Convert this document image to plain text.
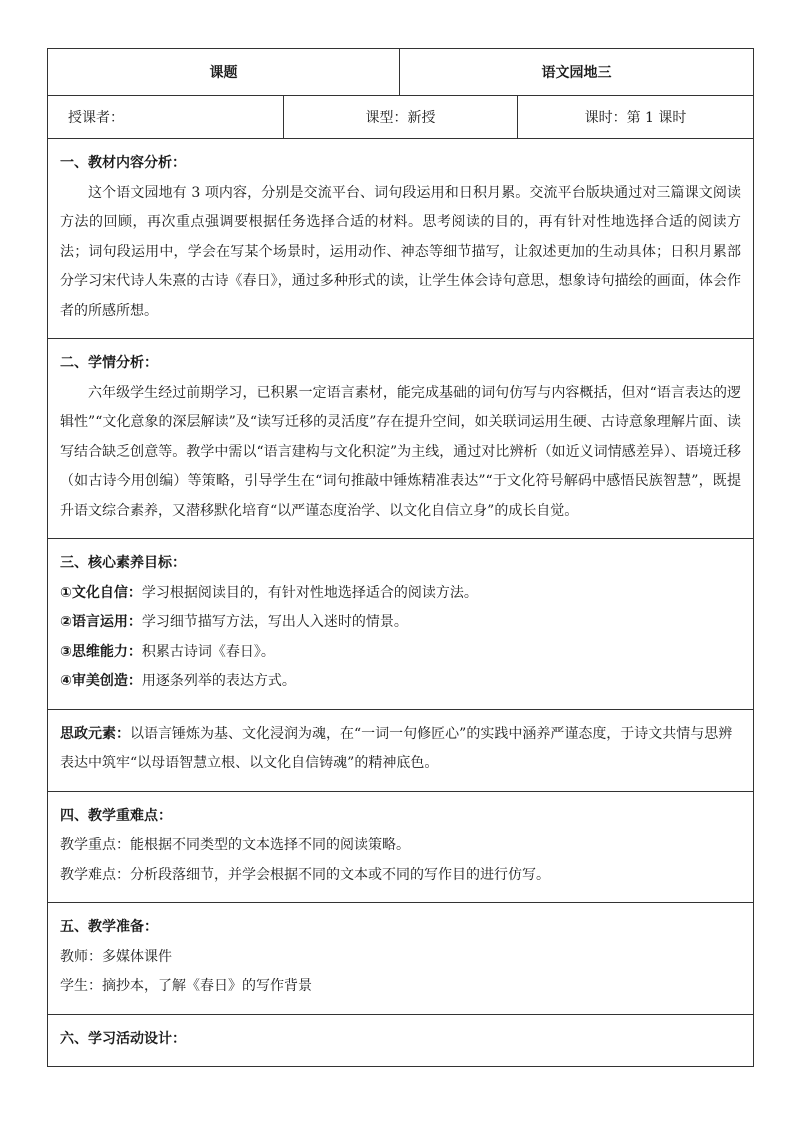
课题		语文园地三	
授课者：	课型：新授		课时：第 1 课时

一、教材内容分析：

这个语文园地有 3 项内容，分别是交流平台、词句段运用和日积月累。交流平台版块通过对三篇课文阅读方法的回顾，再次重点强调要根据任务选择合适的材料。思考阅读的目的，再有针对性地选择合适的阅读方法；词句段运用中，学会在写某个场景时，运用动作、神态等细节描写，让叙述更加的生动具体；日积月累部分学习宋代诗人朱熹的古诗《春日》，通过多种形式的读，让学生体会诗句意思，想象诗句描绘的画面，体会作者的所感所想。			

二、学情分析：

六年级学生经过前期学习，已积累一定语言素材，能完成基础的词句仿写与内容概括，但对“语言表达的逻辑性”“文化意象的深层解读”及“读写迁移的灵活度”存在提升空间，如关联词运用生硬、古诗意象理解片面、读写结合缺乏创意等。教学中需以“语言建构与文化积淀”为主线，通过对比辨析（如近义词情感差异）、语境迁移（如古诗今用创编）等策略，引导学生在“词句推敲中锤炼精准表达”“于文化符号解码中感悟民族智慧”，既提升语文综合素养，又潜移默化培育“以严谨态度治学、以文化自信立身”的成长自觉。			

三、核心素养目标：

①文化自信：学习根据阅读目的，有针对性地选择适合的阅读方法。

②语言运用：学习细节描写方法，写出人入迷时的情景。

③思维能力：积累古诗词《春日》。

④审美创造：用逐条列举的表达方式。			

思政元素：以语言锤炼为基、文化浸润为魂，在“一词一句修匠心”的实践中涵养严谨态度，于诗文共情与思辨表达中筑牢“以母语智慧立根、以文化自信铸魂”的精神底色。			

四、教学重难点：

教学重点：能根据不同类型的文本选择不同的阅读策略。

教学难点：分析段落细节，并学会根据不同的文本或不同的写作目的进行仿写。			

五、教学准备：

教师：多媒体课件

学生：摘抄本，了解《春日》的写作背景			

六、学习活动设计：			
